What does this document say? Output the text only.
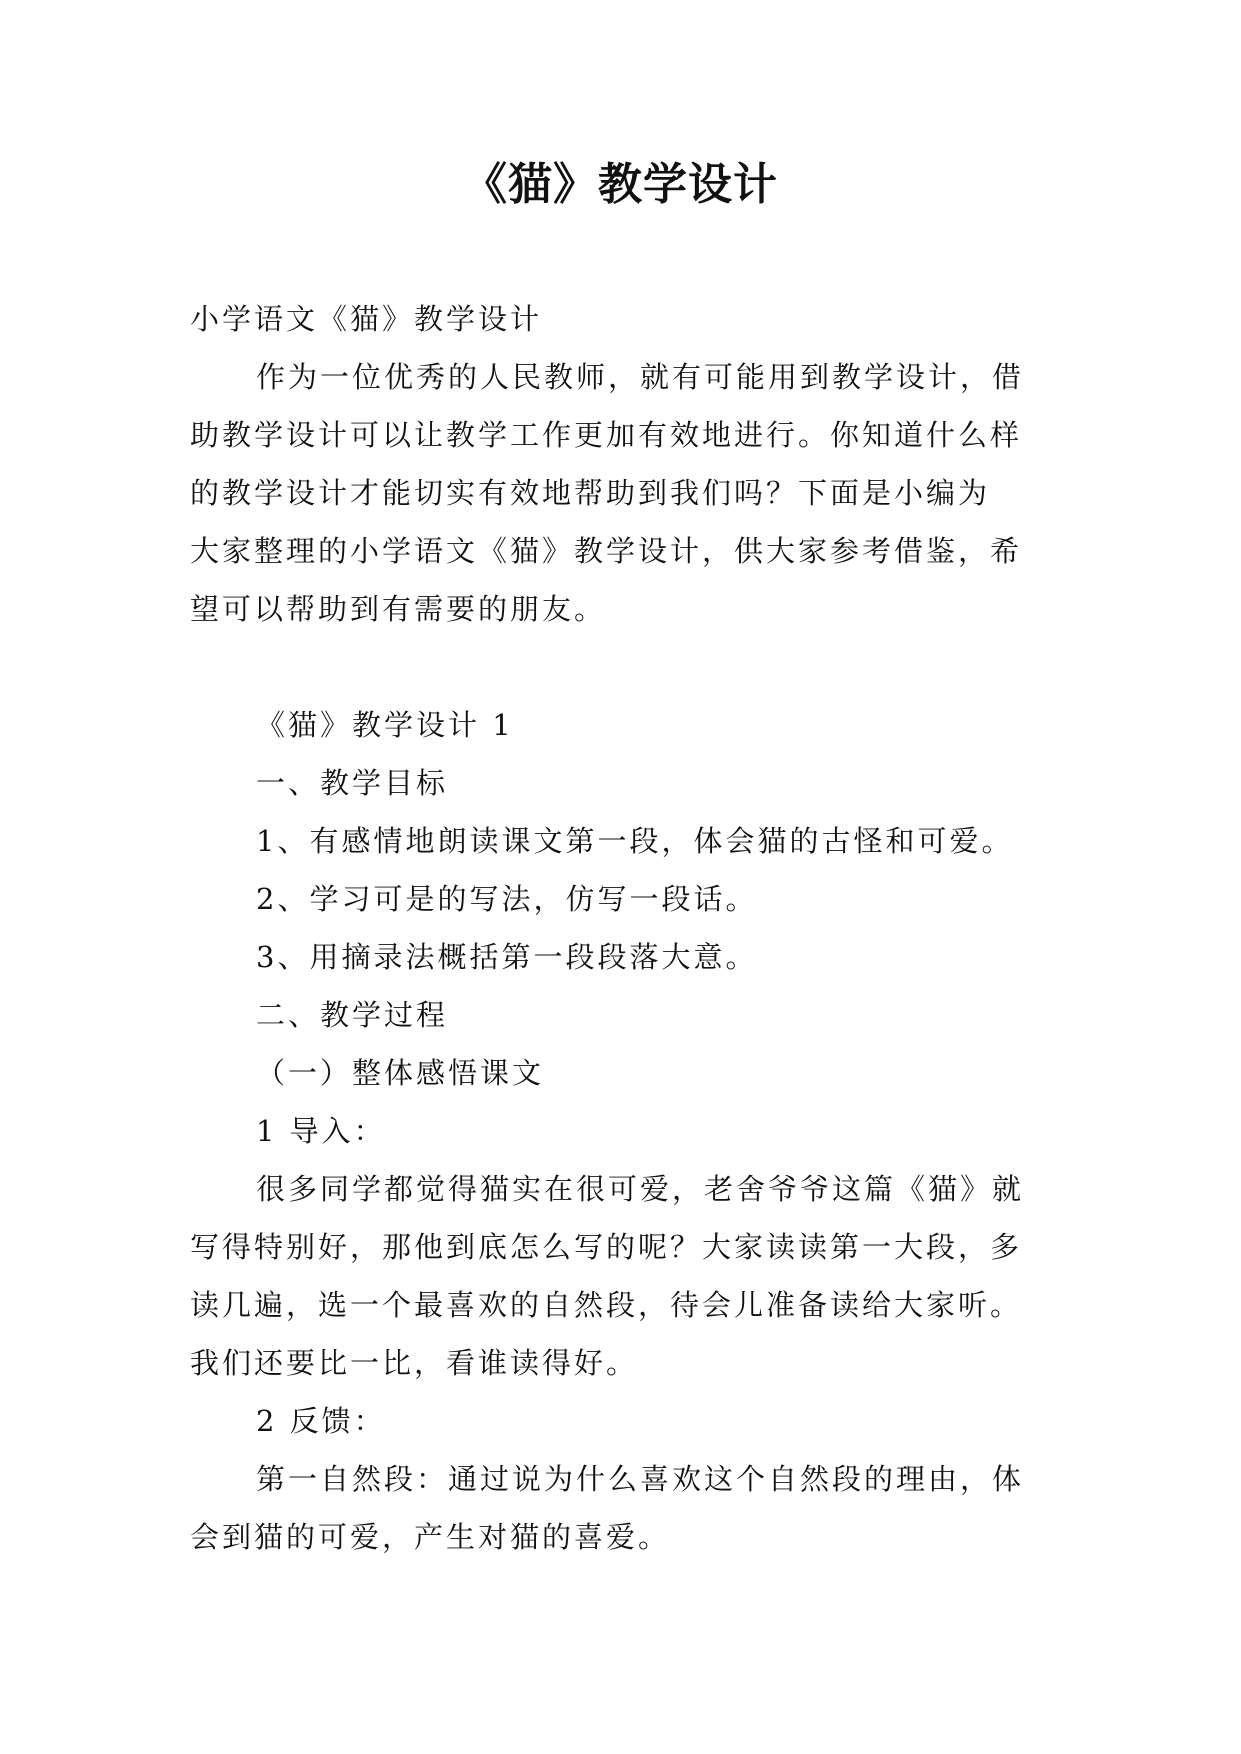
《猫》教学设计
小学语文《猫》教学设计
作为一位优秀的人民教师，就有可能用到教学设计，借
助教学设计可以让教学工作更加有效地进行。你知道什么样
的教学设计才能切实有效地帮助到我们吗？下面是小编为
大家整理的小学语文《猫》教学设计，供大家参考借鉴，希
望可以帮助到有需要的朋友。
《猫》教学设计 1
一、教学目标
1、有感情地朗读课文第一段，体会猫的古怪和可爱。
2、学习可是的写法，仿写一段话。
3、用摘录法概括第一段段落大意。
二、教学过程
（一）整体感悟课文
1 导入：
很多同学都觉得猫实在很可爱，老舍爷爷这篇《猫》就
写得特别好，那他到底怎么写的呢？大家读读第一大段，多
读几遍，选一个最喜欢的自然段，待会儿准备读给大家听。
我们还要比一比，看谁读得好。
2 反馈：
第一自然段：通过说为什么喜欢这个自然段的理由，体
会到猫的可爱，产生对猫的喜爱。
